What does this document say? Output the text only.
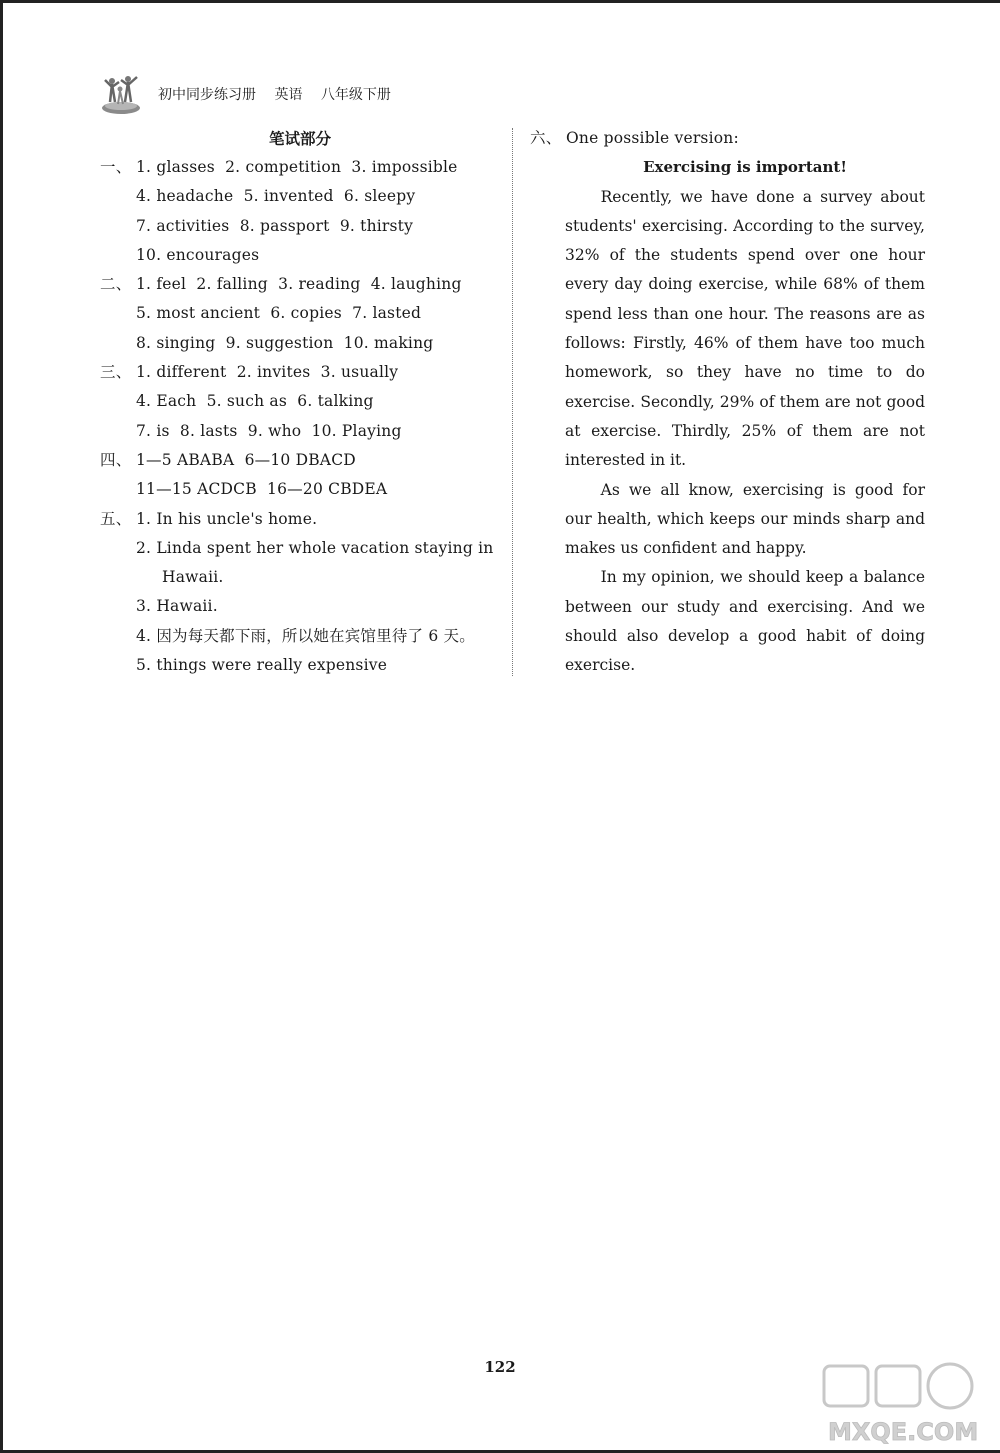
初中同步练习册 英语 八年级下册
笔试部分
一、 1. glasses  2. competition  3. impossible
4. headache  5. invented  6. sleepy
7. activities  8. passport  9. thirsty
10. encourages
二、 1. feel  2. falling  3. reading  4. laughing
5. most ancient  6. copies  7. lasted
8. singing  9. suggestion  10. making
三、 1. different  2. invites  3. usually
4. Each  5. such as  6. talking
7. is  8. lasts  9. who  10. Playing
四、 1—5 ABABA  6—10 DBACD
11—15 ACDCB  16—20 CBDEA
五、 1. In his uncle's home.
2. Linda spent her whole vacation staying in
Hawaii.
3. Hawaii.
4. 因为每天都下雨，所以她在宾馆里待了 6 天。
5. things were really expensive
六、 One possible version:
Exercising is important!

Recently, we have done a survey about students' exercising. According to the survey, 32% of the students spend over one hour every day doing exercise, while 68% of them spend less than one hour. The reasons are as follows: Firstly, 46% of them have too much homework, so they have no time to do exercise. Secondly, 29% of them are not good at exercise. Thirdly, 25% of them are not interested in it.

As we all know, exercising is good for our health, which keeps our minds sharp and makes us confident and happy.

In my opinion, we should keep a balance between our study and exercising. And we should also develop a good habit of doing exercise.

122
MXQE.COM
